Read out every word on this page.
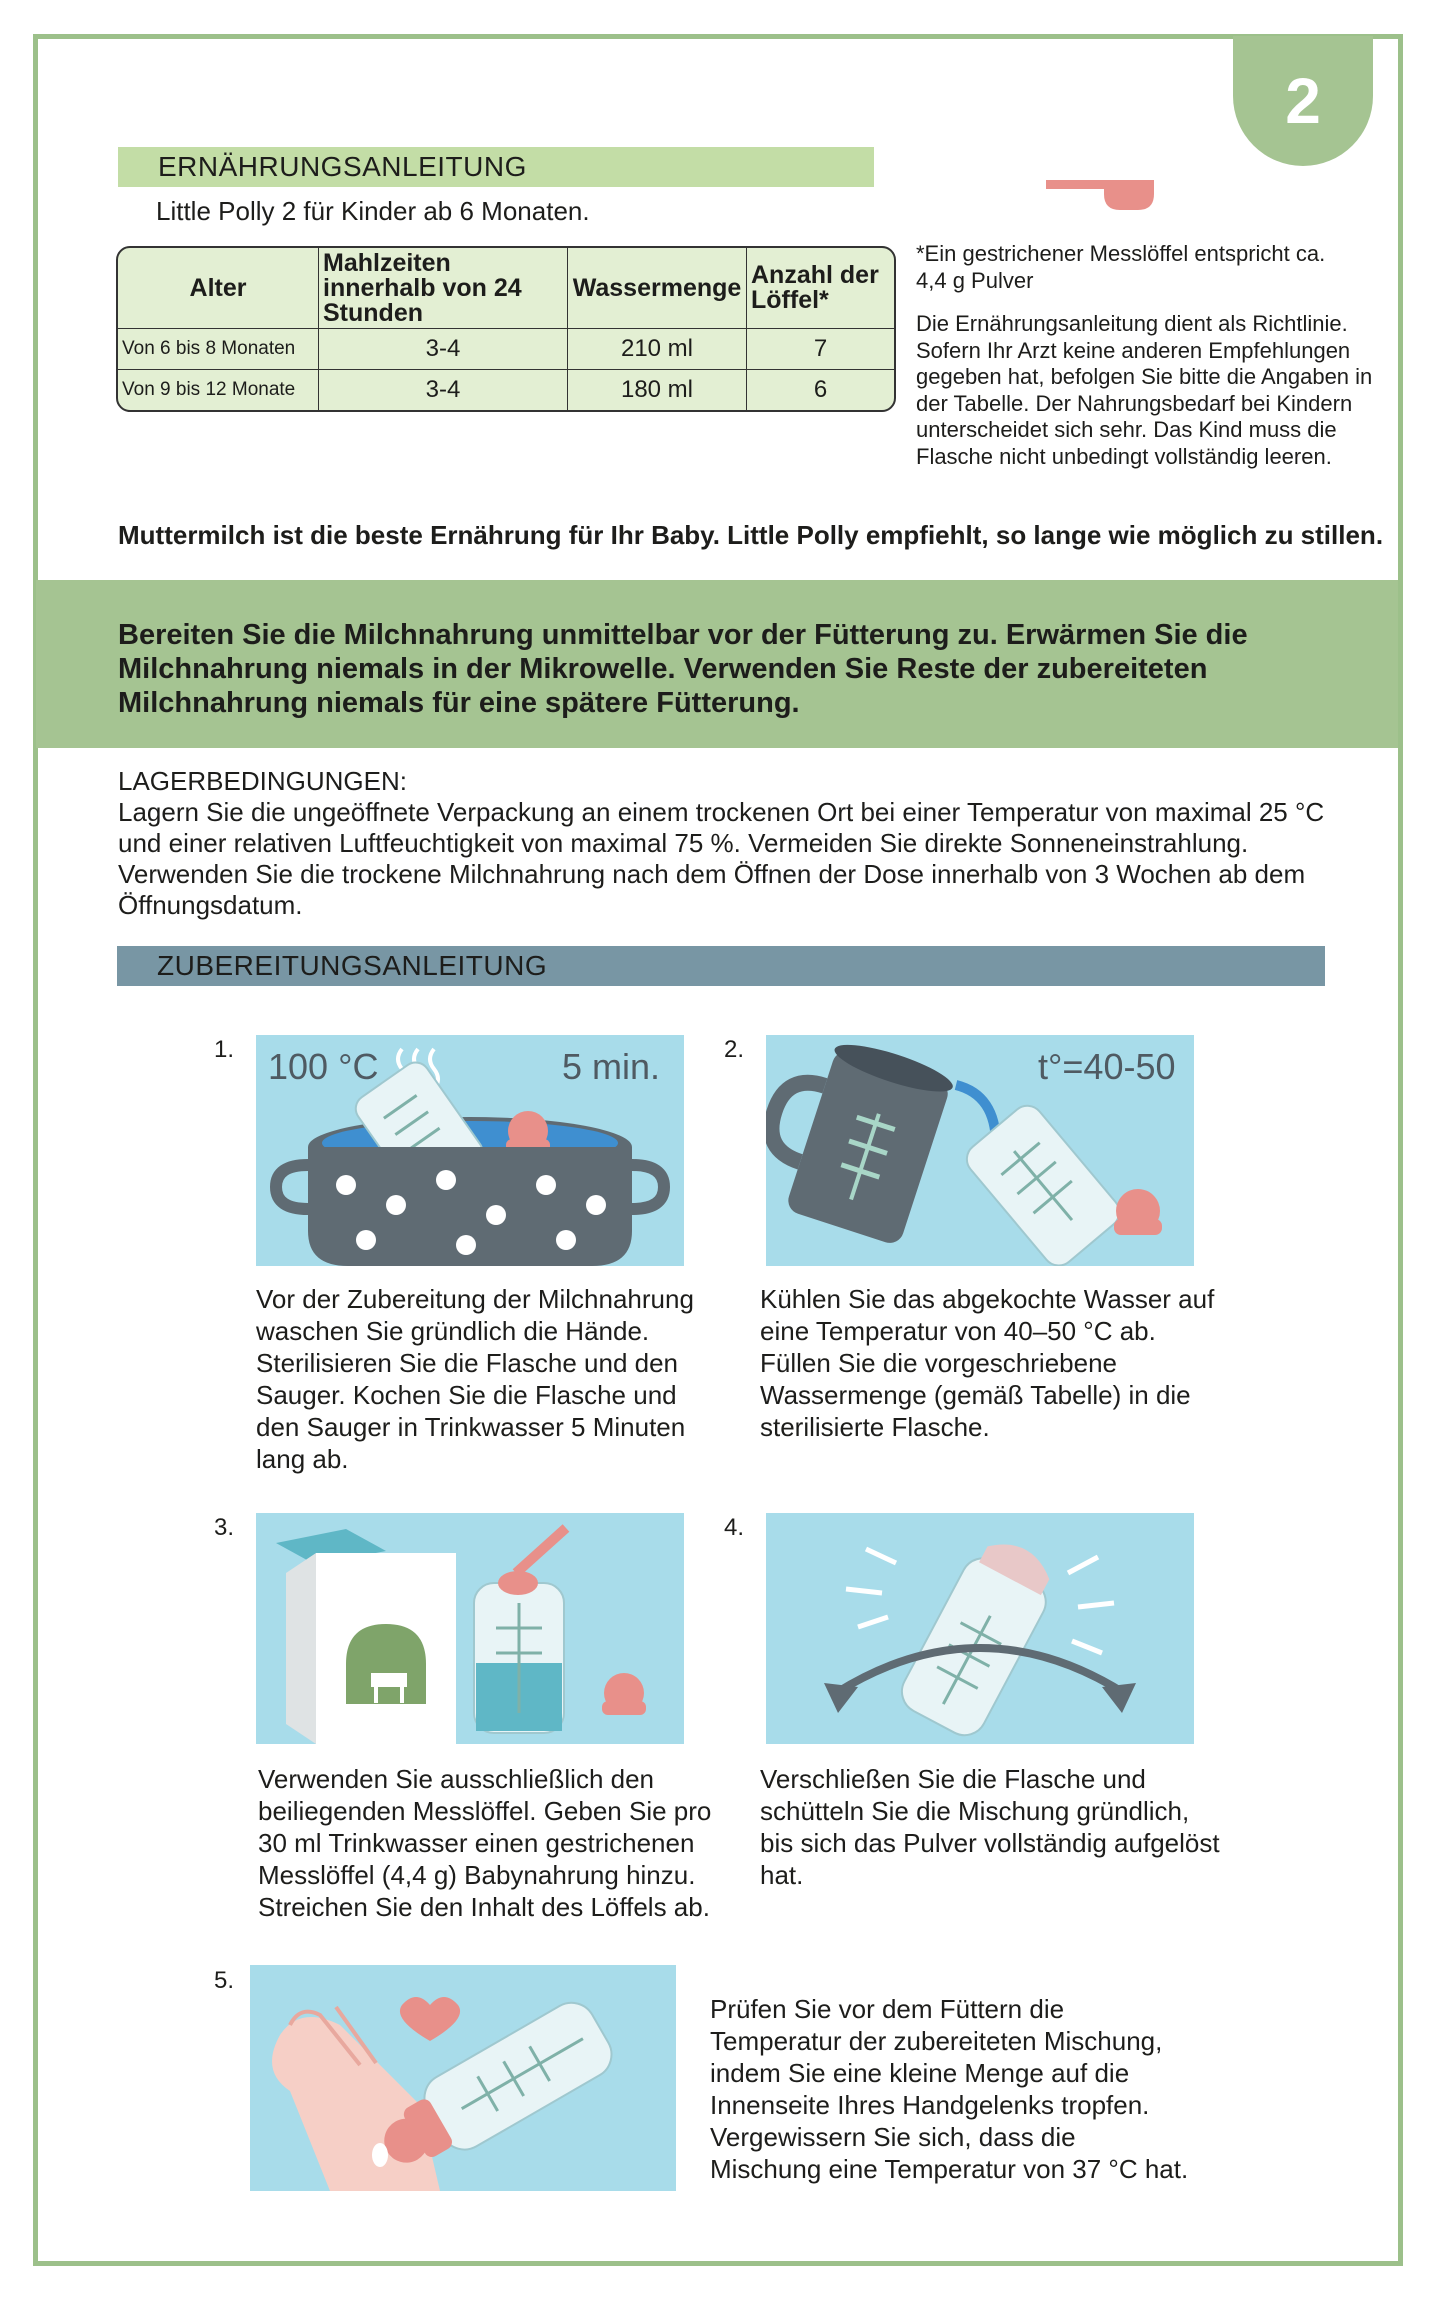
2
ERNÄHRUNGSANLEITUNG
Little Polly 2 für Kinder ab 6 Monaten.
Alter	Mahlzeiten innerhalb von 24 Stunden	Wassermenge	Anzahl der Löffel*
Von 6 bis 8 Monaten	3-4	210 ml	7
Von 9 bis 12 Monate	3-4	180 ml	6
*Ein gestrichener Messlöffel entspricht ca. 4,4 g Pulver
Die Ernährungsanleitung dient als Richtlinie. Sofern Ihr Arzt keine anderen Empfehlungen gegeben hat, befolgen Sie bitte die Angaben in der Tabelle. Der Nahrungsbedarf bei Kindern unterscheidet sich sehr. Das Kind muss die Flasche nicht unbedingt vollständig leeren.
Muttermilch ist die beste Ernährung für Ihr Baby. Little Polly empfiehlt, so lange wie möglich zu stillen.
Bereiten Sie die Milchnahrung unmittelbar vor der Fütterung zu. Erwärmen Sie die Milchnahrung niemals in der Mikrowelle. Verwenden Sie Reste der zubereiteten Milchnahrung niemals für eine spätere Fütterung.
LAGERBEDINGUNGEN:
Lagern Sie die ungeöffnete Verpackung an einem trockenen Ort bei einer Temperatur von maximal 25 °C und einer relativen Luftfeuchtigkeit von maximal 75 %. Vermeiden Sie direkte Sonneneinstrahlung. Verwenden Sie die trockene Milchnahrung nach dem Öffnen der Dose innerhalb von 3 Wochen ab dem Öffnungsdatum.
ZUBEREITUNGSANLEITUNG
1. 100 °C	5 min.
Vor der Zubereitung der Milchnahrung waschen Sie gründlich die Hände. Sterilisieren Sie die Flasche und den Sauger. Kochen Sie die Flasche und den Sauger in Trinkwasser 5 Minuten lang ab.
2.	t°=40-50
Kühlen Sie das abgekochte Wasser auf eine Temperatur von 40–50 °C ab. Füllen Sie die vorgeschriebene Wassermenge (gemäß Tabelle) in die sterilisierte Flasche.
3.
Verwenden Sie ausschließlich den beiliegenden Messlöffel. Geben Sie pro 30 ml Trinkwasser einen gestrichenen Messlöffel (4,4 g) Babynahrung hinzu. Streichen Sie den Inhalt des Löffels ab.
4.
Verschließen Sie die Flasche und schütteln Sie die Mischung gründlich, bis sich das Pulver vollständig aufgelöst hat.
5.
Prüfen Sie vor dem Füttern die Temperatur der zubereiteten Mischung, indem Sie eine kleine Menge auf die Innenseite Ihres Handgelenks tropfen. Vergewissern Sie sich, dass die Mischung eine Temperatur von 37 °C hat.
